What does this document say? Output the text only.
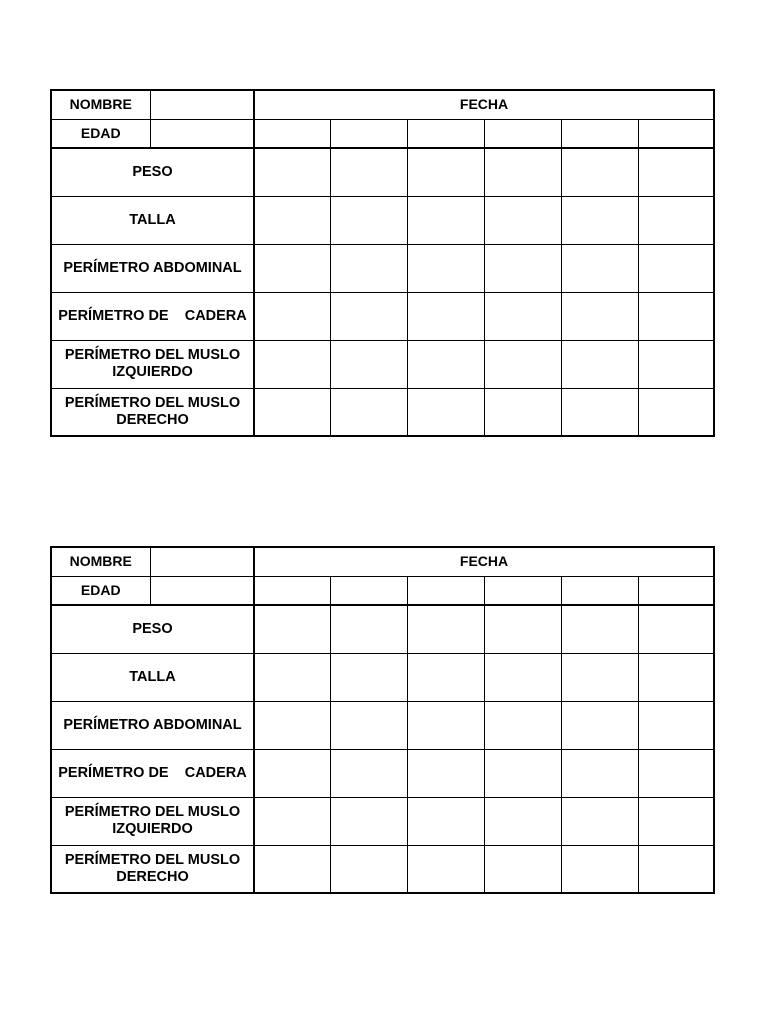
NOMBRE		FECHA					
EDAD							
PESO							
TALLA							
PERÍMETRO ABDOMINAL							
PERÍMETRO DE    CADERA							
PERÍMETRO DEL MUSLO IZQUIERDO							
PERÍMETRO DEL MUSLO DERECHO							
NOMBRE		FECHA					
EDAD							
PESO							
TALLA							
PERÍMETRO ABDOMINAL							
PERÍMETRO DE    CADERA							
PERÍMETRO DEL MUSLO IZQUIERDO							
PERÍMETRO DEL MUSLO DERECHO							
